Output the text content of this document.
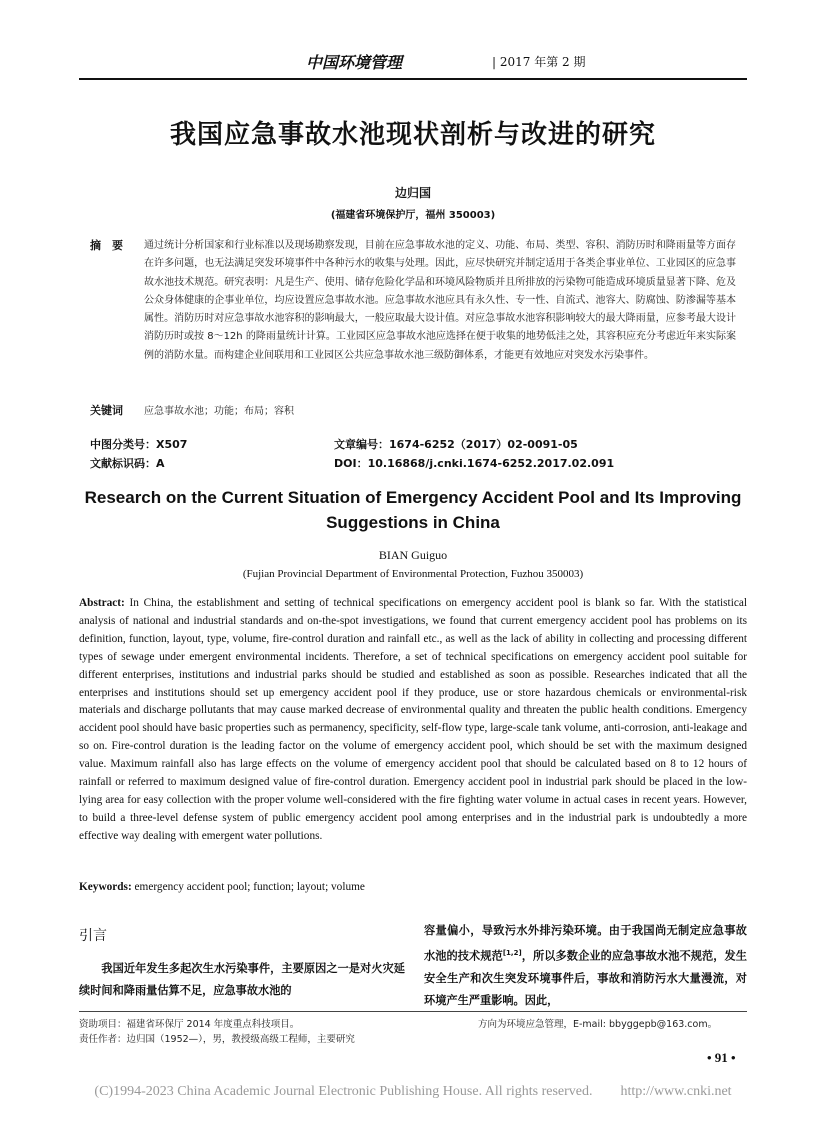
中国环境管理	| 2017 年第 2 期
我国应急事故水池现状剖析与改进的研究
边归国
(福建省环境保护厅，福州 350003)
摘　要 通过统计分析国家和行业标准以及现场勘察发现，目前在应急事故水池的定义、功能、布局、类型、容积、消防历时和降雨量等方面存在许多问题，也无法满足突发环境事件中各种污水的收集与处理。因此，应尽快研究并制定适用于各类企事业单位、工业园区的应急事故水池技术规范。研究表明：凡是生产、使用、储存危险化学品和环境风险物质并且所排放的污染物可能造成环境质量显著下降、危及公众身体健康的企事业单位，均应设置应急事故水池。应急事故水池应具有永久性、专一性、自流式、池容大、防腐蚀、防渗漏等基本属性。消防历时对应急事故水池容积的影响最大，一般应取最大设计值。对应急事故水池容积影响较大的最大降雨量，应参考最大设计消防历时或按 8～12h 的降雨量统计计算。工业园区应急事故水池应选择在便于收集的地势低洼之处，其容积应充分考虑近年来实际案例的消防水量。而构建企业间联用和工业园区公共应急事故水池三级防御体系，才能更有效地应对突发水污染事件。
关键词 应急事故水池；功能；布局；容积
中图分类号：X507
文献标识码：A
文章编号：1674-6252（2017）02-0091-05
DOI：10.16868/j.cnki.1674-6252.2017.02.091
Research on the Current Situation of Emergency Accident Pool and Its Improving Suggestions in China
BIAN Guiguo
(Fujian Provincial Department of Environmental Protection, Fuzhou 350003)
Abstract: In China, the establishment and setting of technical specifications on emergency accident pool is blank so far. With the statistical analysis of national and industrial standards and on-the-spot investigations, we found that current emergency accident pool has problems on its definition, function, layout, type, volume, fire-control duration and rainfall etc., as well as the lack of ability in collecting and processing different types of sewage under emergent environmental incidents. Therefore, a set of technical specifications on emergency accident pool suitable for different enterprises, institutions and industrial parks should be studied and established as soon as possible. Researches indicated that all the enterprises and institutions should set up emergency accident pool if they produce, use or store hazardous chemicals or environmental-risk materials and discharge pollutants that may cause marked decrease of environmental quality and threaten the public health conditions. Emergency accident pool should have basic properties such as permanency, specificity, self-flow type, large-scale tank volume, anti-corrosion, anti-leakage and so on. Fire-control duration is the leading factor on the volume of emergency accident pool, which should be set with the maximum designed value. Maximum rainfall also has large effects on the volume of emergency accident pool that should be calculated based on 8 to 12 hours of rainfall or referred to maximum designed value of fire-control duration. Emergency accident pool in industrial park should be placed in the low-lying area for easy collection with the proper volume well-considered with the fire fighting water volume in actual cases in recent years. However, to build a three-level defense system of public emergency accident pool among enterprises and in the industrial park is undoubtedly a more effective way dealing with emergent water pollutions.
Keywords: emergency accident pool; function; layout; volume
引言
我国近年发生多起次生水污染事件，主要原因之一是对火灾延续时间和降雨量估算不足，应急事故水池的
容量偏小，导致污水外排污染环境。由于我国尚无制定应急事故水池的技术规范[1,2]，所以多数企业的应急事故水池不规范，发生安全生产和次生突发环境事件后，事故和消防污水大量漫流，对环境产生严重影响。因此，
资助项目：福建省环保厅 2014 年度重点科技项目。
责任作者：边归国（1952—），男，教授级高级工程师，主要研究
方向为环境应急管理，E-mail: bbyggepb@163.com。
• 91 •
(C)1994-2023 China Academic Journal Electronic Publishing House. All rights reserved.　　http://www.cnki.net
